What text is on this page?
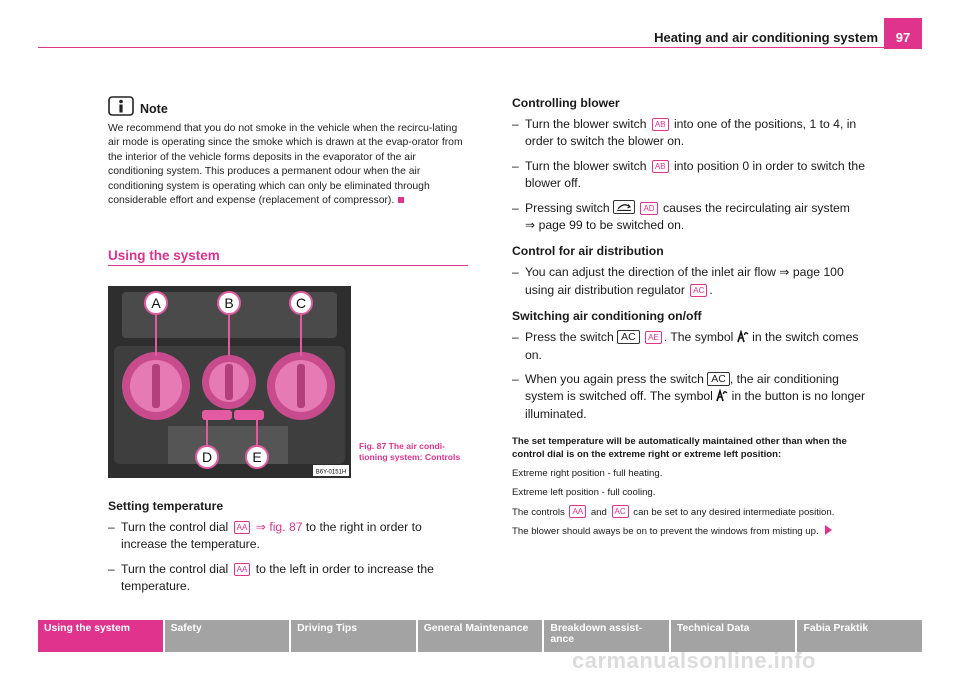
Heating and air conditioning system	97
Note

We recommend that you do not smoke in the vehicle when the recircu-lating air mode is operating since the smoke which is drawn at the evap-orator from the interior of the vehicle forms deposits in the evaporator of the air conditioning system. This produces a permanent odour when the air conditioning system is operating which can only be eliminated through considerable effort and expense (replacement of compressor).

Using the system
A	B	C
D	E
B6Y-0151H
Fig. 87 The air condi-tioning system: Controls
Setting temperature
– Turn the control dial AA ⇒ fig. 87 to the right in order to increase the temperature.
– Turn the control dial AA to the left in order to increase the temperature.
Controlling blower
– Turn the blower switch AB into one of the positions, 1 to 4, in order to switch the blower on.
– Turn the blower switch AB into position 0 in order to switch the blower off.
– Pressing switch	AD causes the recirculating air system
⇒ page 99 to be switched on.
Control for air distribution
– You can adjust the direction of the inlet air flow ⇒ page 100 using air distribution regulator AC .
Switching air conditioning on/off
– Press the switch AC AE . The symbol in the switch comes on.
– When you again press the switch AC , the air conditioning system is switched off. The symbol in the button is no longer illuminated.

The set temperature will be automatically maintained other than when the control dial is on the extreme right or extreme left position:

Extreme right position - full heating.

Extreme left position - full cooling.

The controls AA and AC can be set to any desired intermediate position.

The blower should aways be on to prevent the windows from misting up.

Using the system	Safety	Driving Tips	General Maintenance	Breakdown assist-ance
Technical Data	Fabia Praktik
carmanualsonline.info
